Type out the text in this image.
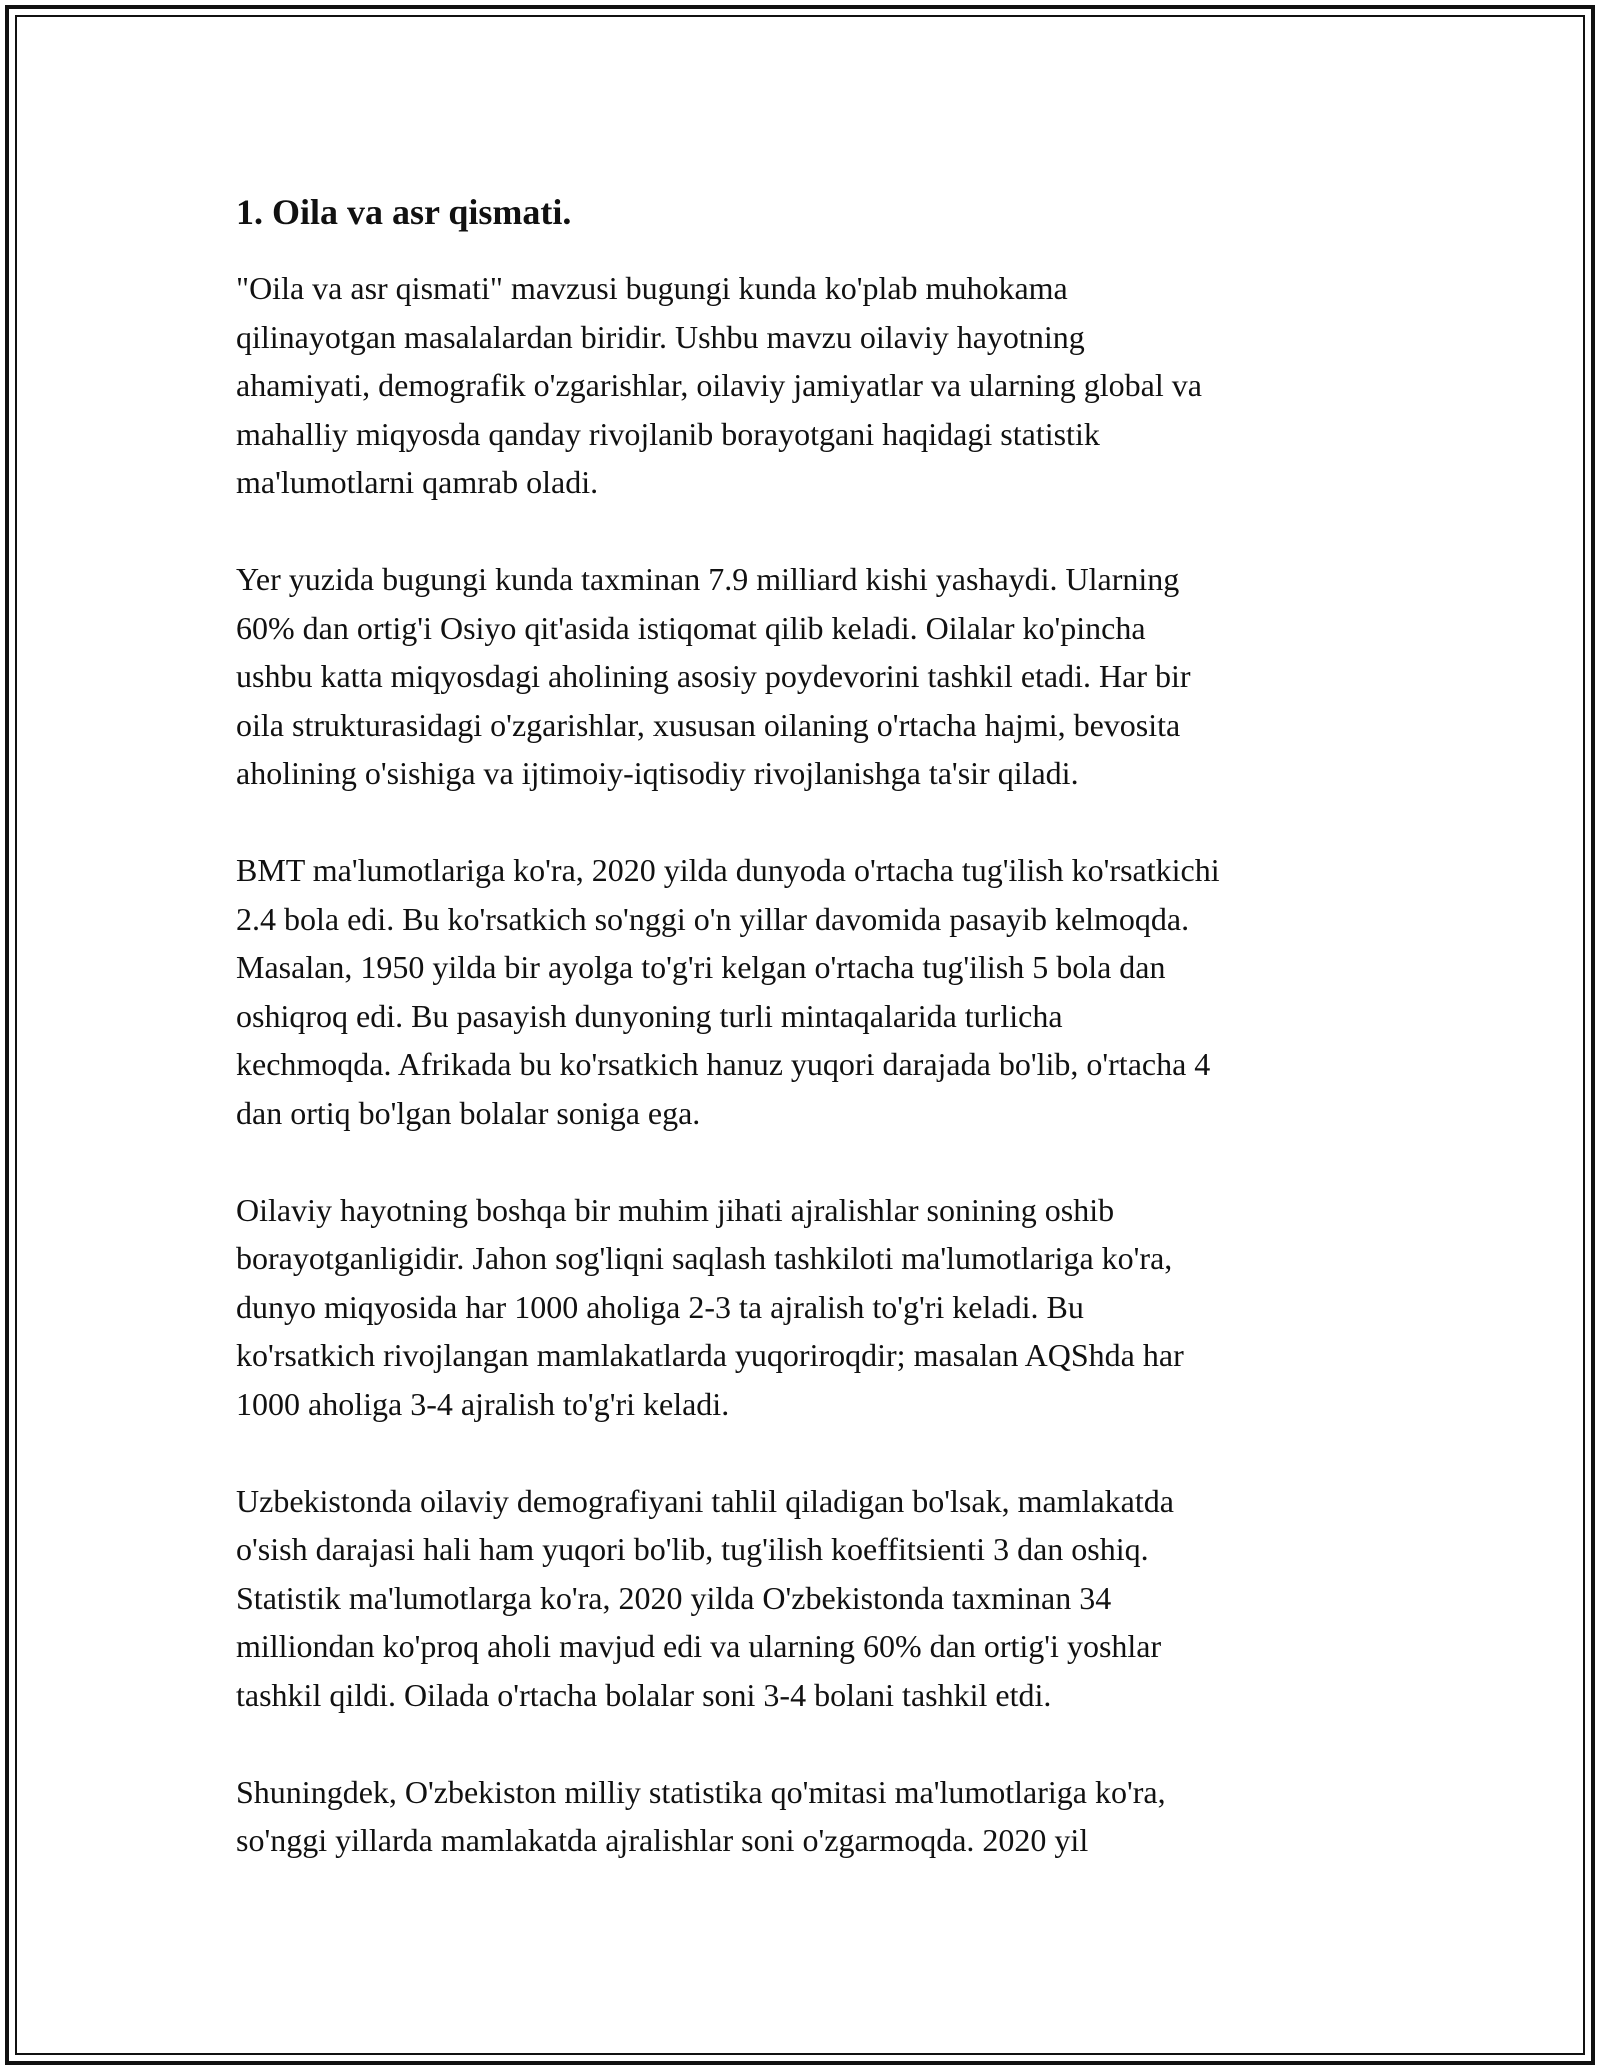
1. Oila va asr qismati.

"Oila va asr qismati" mavzusi bugungi kunda ko'plab muhokama
qilinayotgan masalalardan biridir. Ushbu mavzu oilaviy hayotning
ahamiyati, demografik o'zgarishlar, oilaviy jamiyatlar va ularning global va
mahalliy miqyosda qanday rivojlanib borayotgani haqidagi statistik
ma'lumotlarni qamrab oladi.

Yer yuzida bugungi kunda taxminan 7.9 milliard kishi yashaydi. Ularning
60% dan ortig'i Osiyo qit'asida istiqomat qilib keladi. Oilalar ko'pincha
ushbu katta miqyosdagi aholining asosiy poydevorini tashkil etadi. Har bir
oila strukturasidagi o'zgarishlar, xususan oilaning o'rtacha hajmi, bevosita
aholining o'sishiga va ijtimoiy-iqtisodiy rivojlanishga ta'sir qiladi.

BMT ma'lumotlariga ko'ra, 2020 yilda dunyoda o'rtacha tug'ilish ko'rsatkichi
2.4 bola edi. Bu ko'rsatkich so'nggi o'n yillar davomida pasayib kelmoqda.
Masalan, 1950 yilda bir ayolga to'g'ri kelgan o'rtacha tug'ilish 5 bola dan
oshiqroq edi. Bu pasayish dunyoning turli mintaqalarida turlicha
kechmoqda. Afrikada bu ko'rsatkich hanuz yuqori darajada bo'lib, o'rtacha 4
dan ortiq bo'lgan bolalar soniga ega.

Oilaviy hayotning boshqa bir muhim jihati ajralishlar sonining oshib
borayotganligidir. Jahon sog'liqni saqlash tashkiloti ma'lumotlariga ko'ra,
dunyo miqyosida har 1000 aholiga 2-3 ta ajralish to'g'ri keladi. Bu
ko'rsatkich rivojlangan mamlakatlarda yuqoriroqdir; masalan AQShda har
1000 aholiga 3-4 ajralish to'g'ri keladi.

Uzbekistonda oilaviy demografiyani tahlil qiladigan bo'lsak, mamlakatda
o'sish darajasi hali ham yuqori bo'lib, tug'ilish koeffitsienti 3 dan oshiq.
Statistik ma'lumotlarga ko'ra, 2020 yilda O'zbekistonda taxminan 34
milliondan ko'proq aholi mavjud edi va ularning 60% dan ortig'i yoshlar
tashkil qildi. Oilada o'rtacha bolalar soni 3-4 bolani tashkil etdi.

Shuningdek, O'zbekiston milliy statistika qo'mitasi ma'lumotlariga ko'ra,
so'nggi yillarda mamlakatda ajralishlar soni o'zgarmoqda. 2020 yil
